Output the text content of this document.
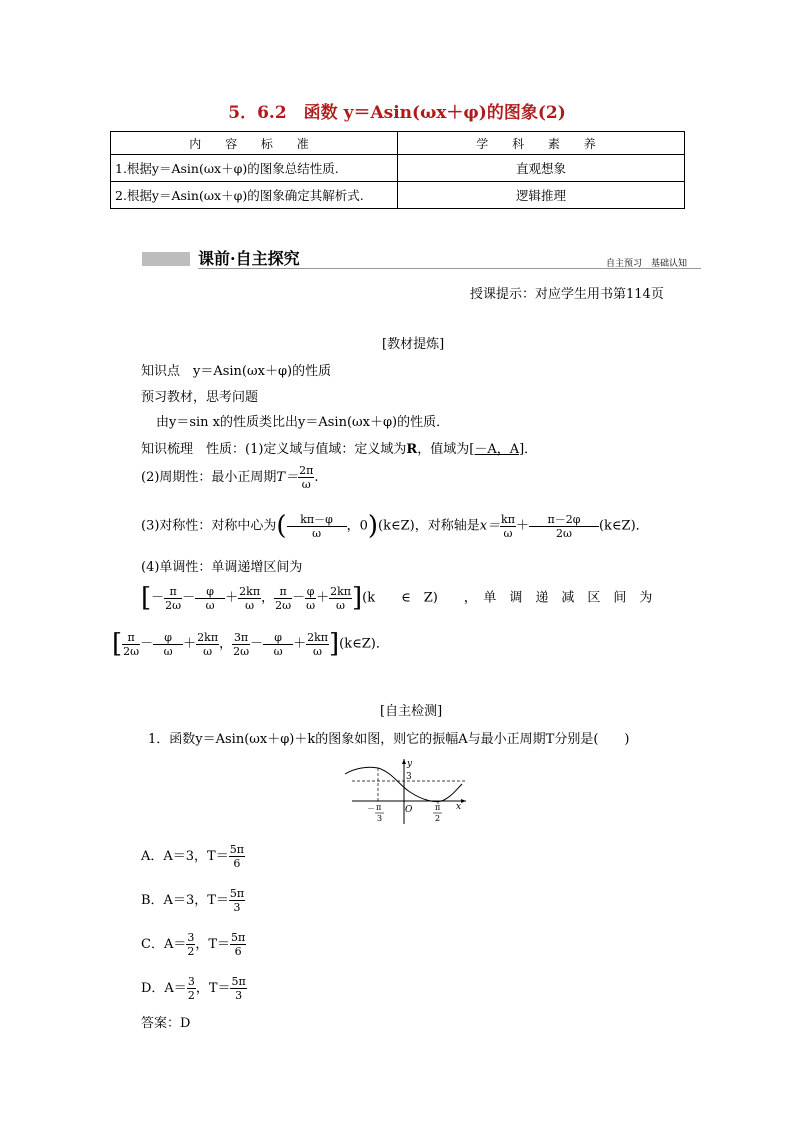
5．6.2　函数 y＝Asin(ωx＋φ)的图象(2)
内 容 标 准	学 科 素 养
1.根据y＝Asin(ωx＋φ)的图象总结性质.	直观想象
2.根据y＝Asin(ωx＋φ)的图象确定其解析式.	逻辑推理
课前·自主探究	自主预习　基础认知
授课提示：对应学生用书第114页
[教材提炼]
知识点　y＝Asin(ωx＋φ)的性质
预习教材，思考问题
由y＝sin x的性质类比出y＝Asin(ωx＋φ)的性质．
知识梳理　性质：(1)定义域与值域：定义域为R，值域为[－A，A]．
(2)周期性：最小正周期$T= \frac{2\pi}{\omega}$ .
(3)对称性：对称中心为( $\frac{k\pi-\varphi}{\omega}$ ，0)(k∈Z)，对称轴是$x= \frac{k\pi}{\omega} + \frac{\pi-2\varphi}{2\omega}$ (k∈Z)．
(4)单调性：单调递增区间为
[－ $\frac{\pi}{2\omega} - \frac{\varphi}{\omega} + \frac{2k\pi}{\omega}$ ， $\frac{\pi}{2\omega} - \frac{\varphi}{\omega} + \frac{2k\pi}{\omega} ](k$　　∈　Z)　　，　单　调　递　减　区　间　为
[ $\frac{\pi}{2\omega} - \frac{\varphi}{\omega} + \frac{2k\pi}{\omega}$ ， $\frac{3\pi}{2\omega} - \frac{\varphi}{\omega} + \frac{2k\pi}{\omega}$ ](k∈Z)．
[自主检测]
1．函数y＝Asin(ωx＋φ)＋k的图象如图，则它的振幅A与最小正周期T分别是(　　)
y
3
O	x
－ π
3
π
2
A．A＝3，$T= \frac{5\pi}{6}$
B．A＝3，$T= \frac{5\pi}{3}$
C．$A= \frac{3}{2}$ ，$T= \frac{5\pi}{6}$
D．$A= \frac{3}{2}$ ，$T= \frac{5\pi}{3}$
答案：D
